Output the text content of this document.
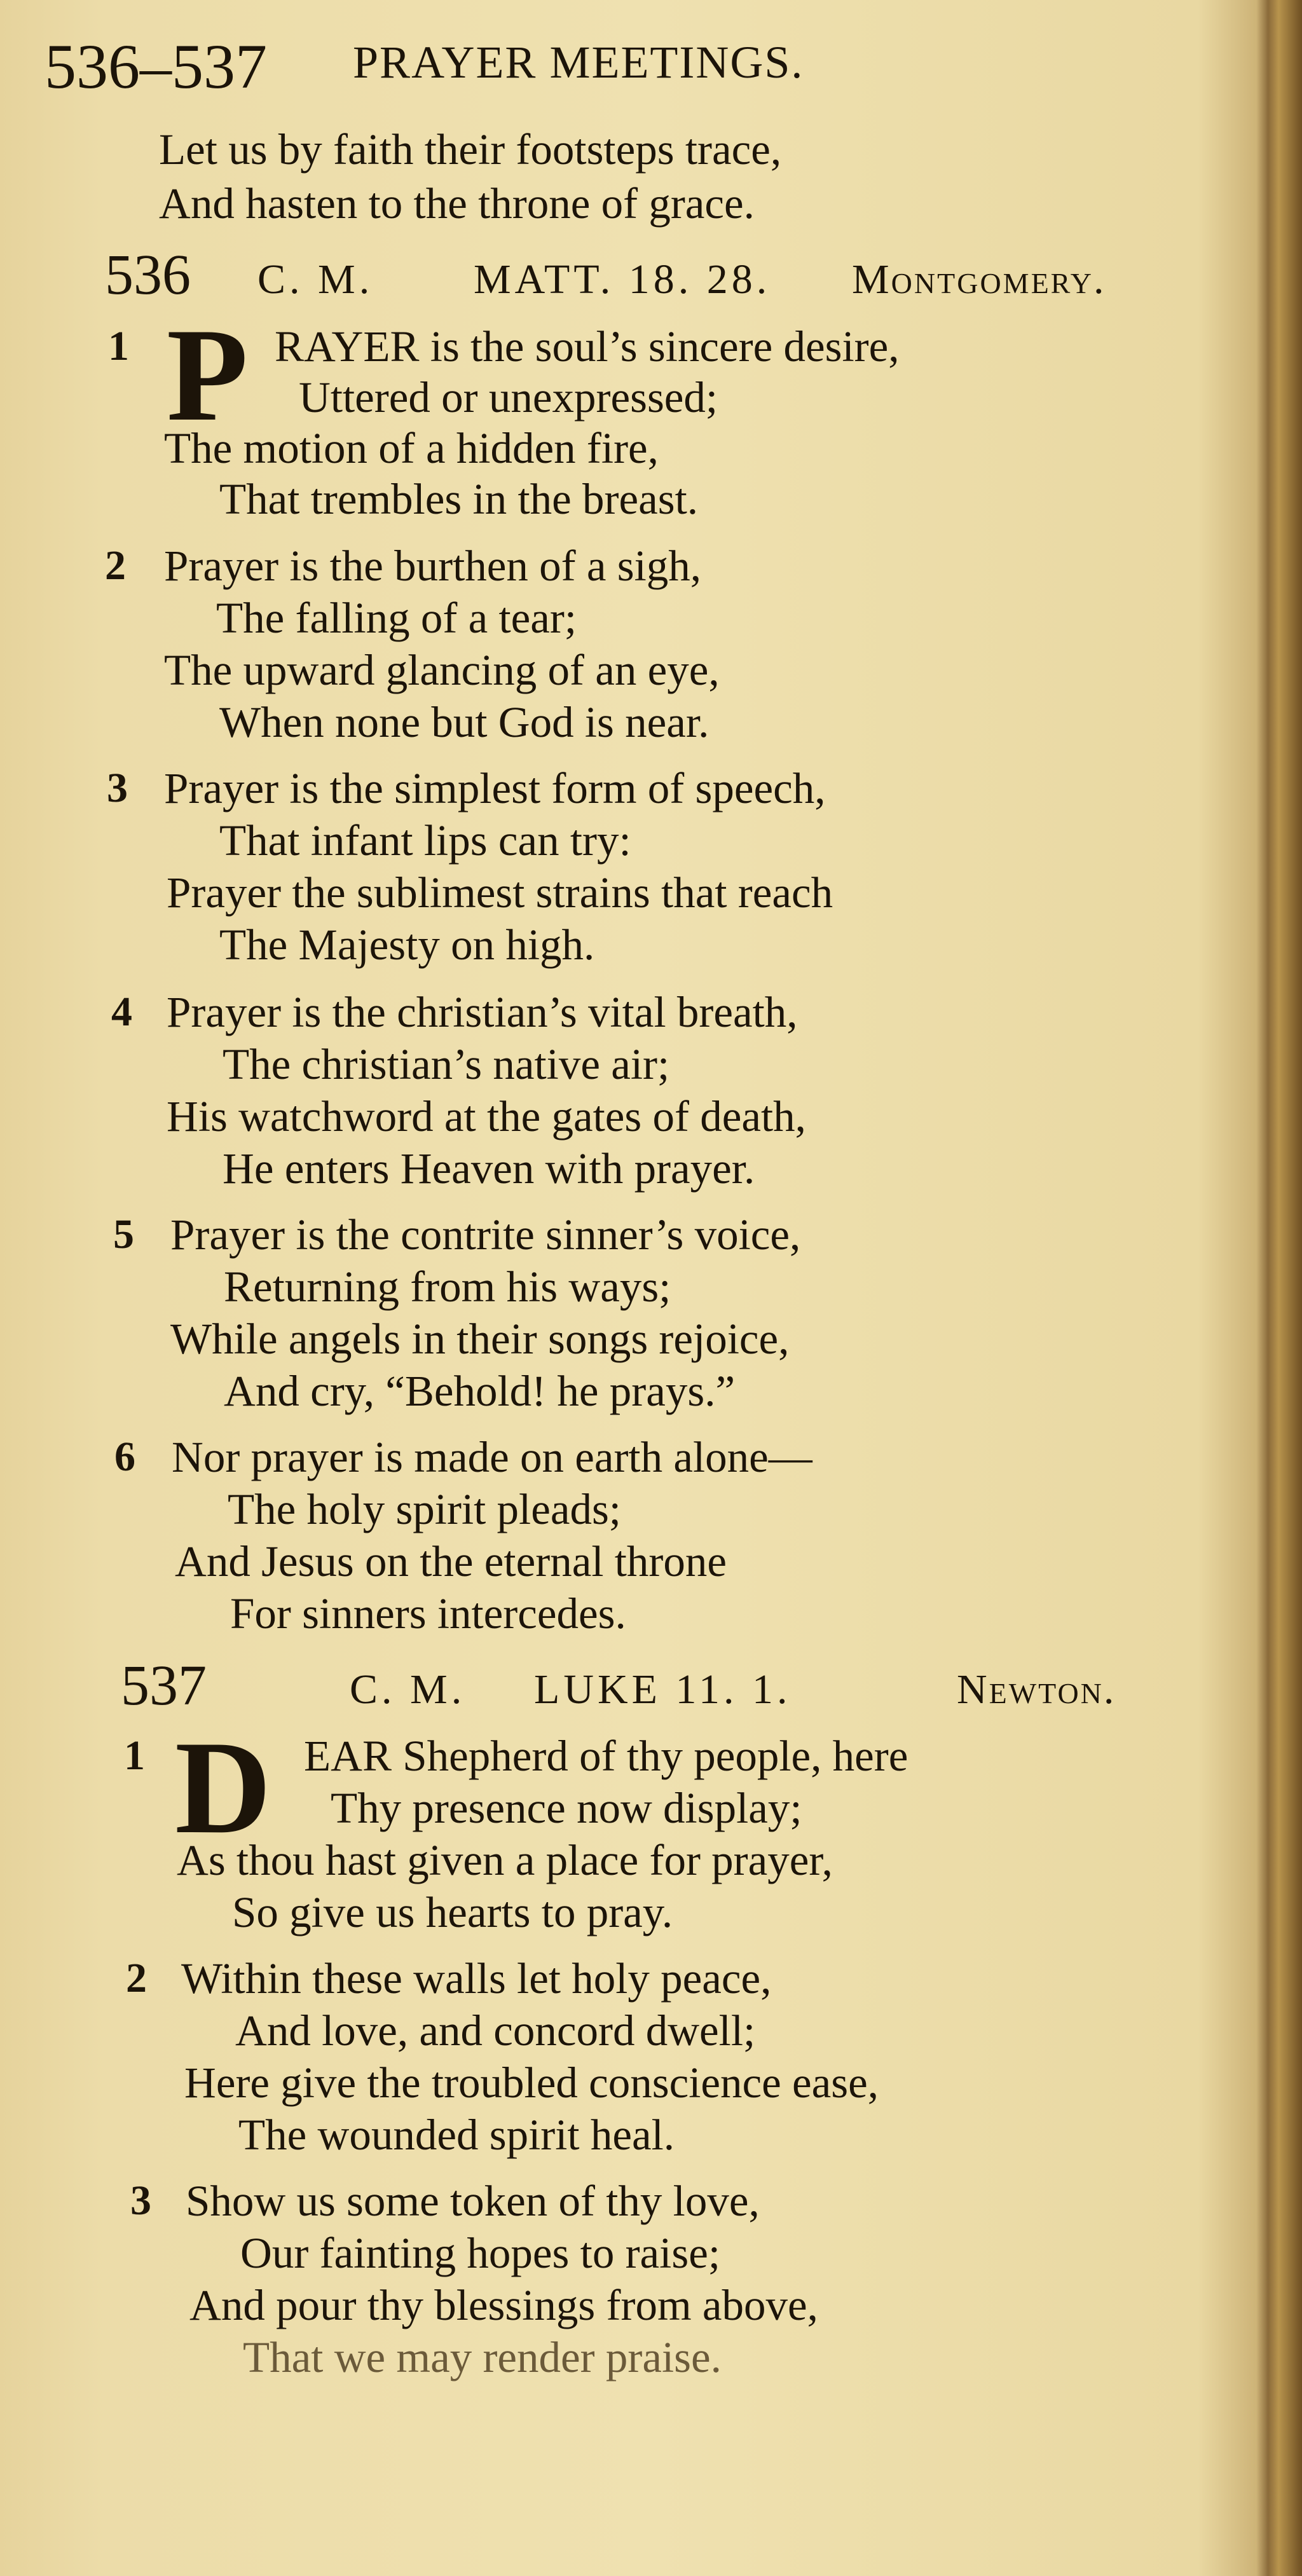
536–537 PRAYER MEETINGS.
Let us by faith their footsteps trace,
And hasten to the throne of grace.
536 C. M. MATT. 18. 28. Montgomery.
1 P RAYER is the soul’s sincere desire,
Uttered or unexpressed;
The motion of a hidden fire,
That trembles in the breast.
2 Prayer is the burthen of a sigh,
The falling of a tear;
The upward glancing of an eye,
When none but God is near.
3 Prayer is the simplest form of speech,
That infant lips can try:
Prayer the sublimest strains that reach
The Majesty on high.
4 Prayer is the christian’s vital breath,
The christian’s native air;
His watchword at the gates of death,
He enters Heaven with prayer.
5 Prayer is the contrite sinner’s voice,
Returning from his ways;
While angels in their songs rejoice,
And cry, “Behold! he prays.”
6 Nor prayer is made on earth alone—
The holy spirit pleads;
And Jesus on the eternal throne
For sinners intercedes.
537	C. M. LUKE 11. 1.	Newton.
1 D EAR Shepherd of thy people, here
Thy presence now display;
As thou hast given a place for prayer,
So give us hearts to pray.
2 Within these walls let holy peace,
And love, and concord dwell;
Here give the troubled conscience ease,
The wounded spirit heal.
3 Show us some token of thy love,
Our fainting hopes to raise;
And pour thy blessings from above,
That we may render praise.
